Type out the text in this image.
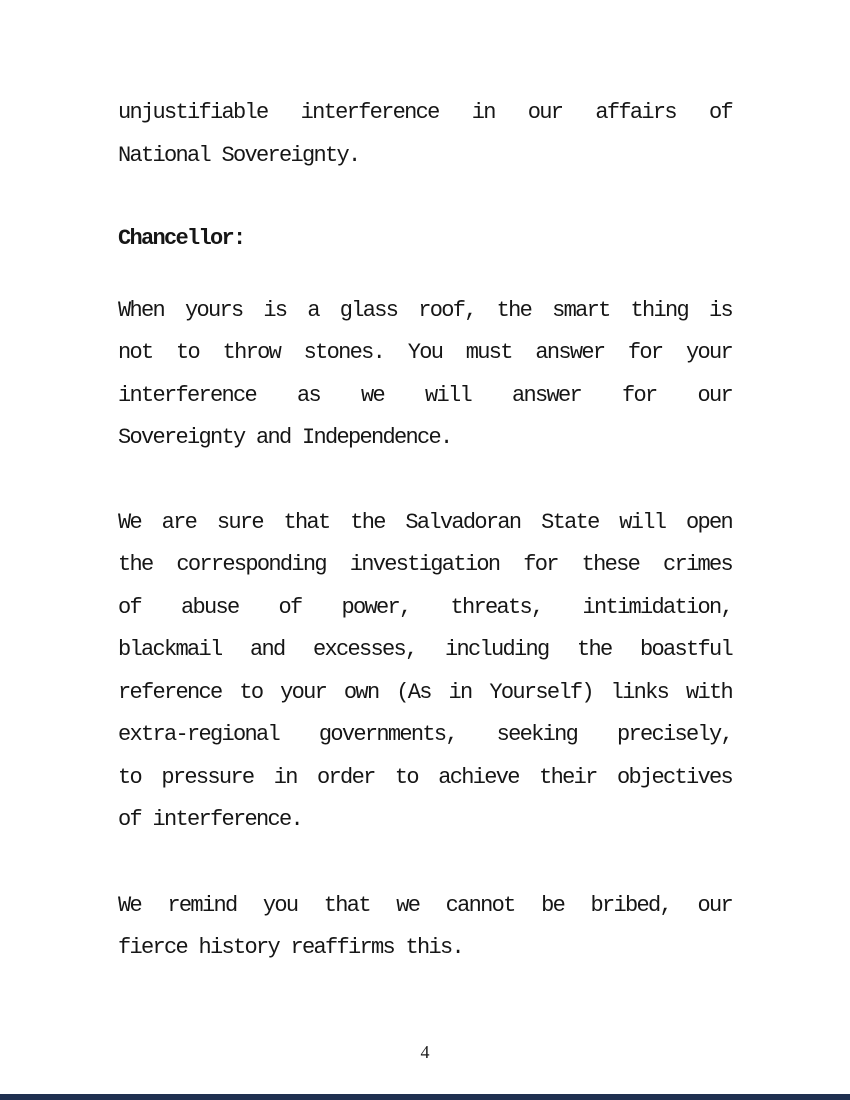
unjustifiable interference in our affairs of
National Sovereignty.
Chancellor:
When yours is a glass roof, the smart thing is
not to throw stones. You must answer for your
interference as we will answer for our
Sovereignty and Independence.
We are sure that the Salvadoran State will open
the corresponding investigation for these crimes
of abuse of power, threats, intimidation,
blackmail and excesses, including the boastful
reference to your own (As in Yourself) links with
extra-regional governments, seeking precisely,
to pressure in order to achieve their objectives
of interference.
We remind you that we cannot be bribed, our
fierce history reaffirms this.
4
